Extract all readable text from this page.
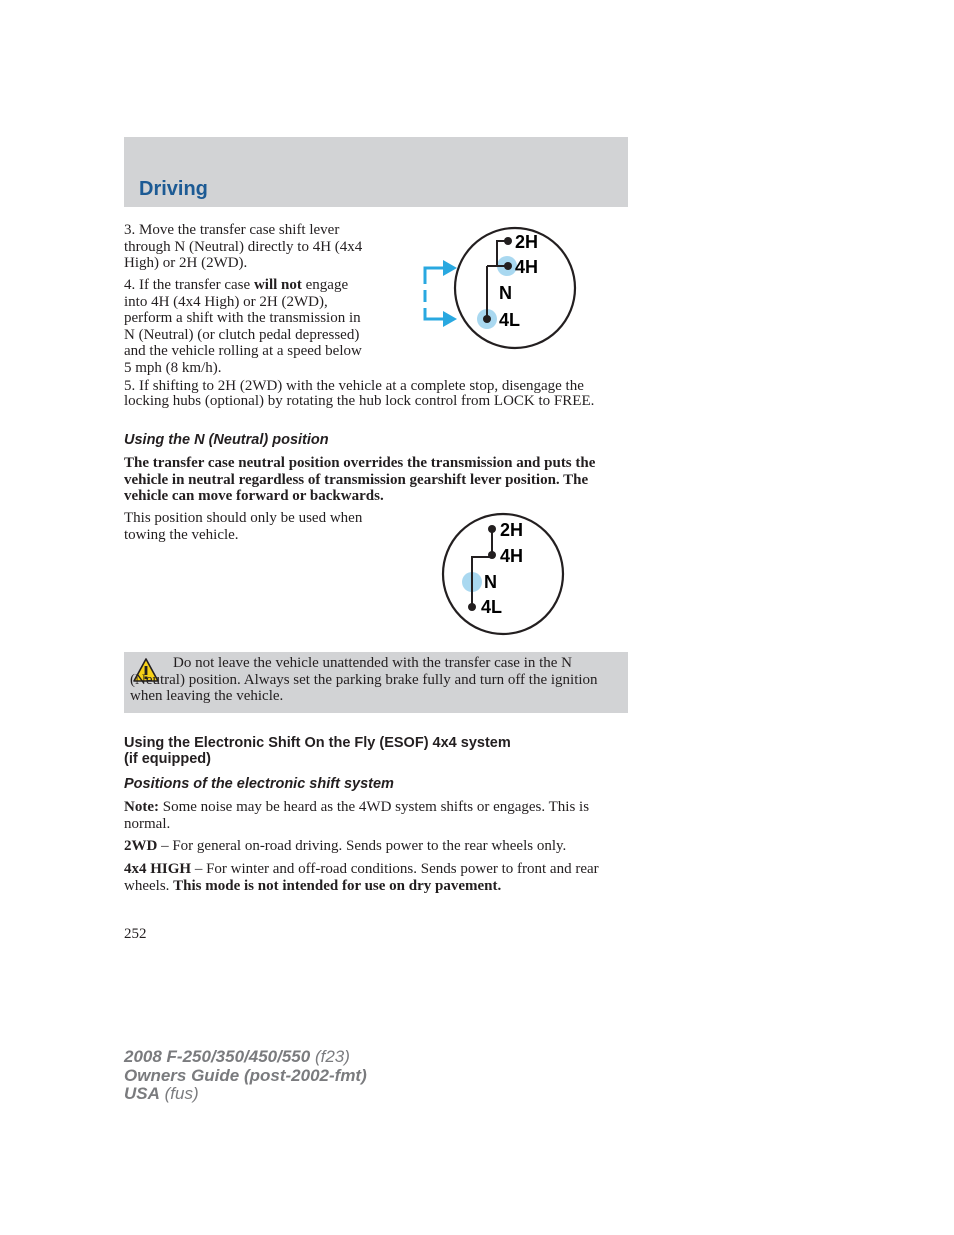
Driving
3. Move the transfer case shift lever through N (Neutral) directly to 4H (4x4 High) or 2H (2WD).
4. If the transfer case will not engage into 4H (4x4 High) or 2H (2WD), perform a shift with the transmission in N (Neutral) (or clutch pedal depressed) and the vehicle rolling at a speed below 5 mph (8 km/h).
5. If shifting to 2H (2WD) with the vehicle at a complete stop, disengage the locking hubs (optional) by rotating the hub lock control from LOCK to FREE.
2H
4H
N
4L
Using the N (Neutral) position
The transfer case neutral position overrides the transmission and puts the vehicle in neutral regardless of transmission gearshift lever position. The vehicle can move forward or backwards.
This position should only be used when towing the vehicle.	2H
4H
N
4L
Do not leave the vehicle unattended with the transfer case in the N (Neutral) position. Always set the parking brake fully and turn off the ignition when leaving the vehicle.
Using the Electronic Shift On the Fly (ESOF) 4x4 system
(if equipped)
Positions of the electronic shift system
Note: Some noise may be heard as the 4WD system shifts or engages. This is normal.
2WD – For general on-road driving. Sends power to the rear wheels only.
4x4 HIGH – For winter and off-road conditions. Sends power to front and rear wheels. This mode is not intended for use on dry pavement.
252
2008 F-250/350/450/550 (f23)
Owners Guide (post-2002-fmt)
USA (fus)
